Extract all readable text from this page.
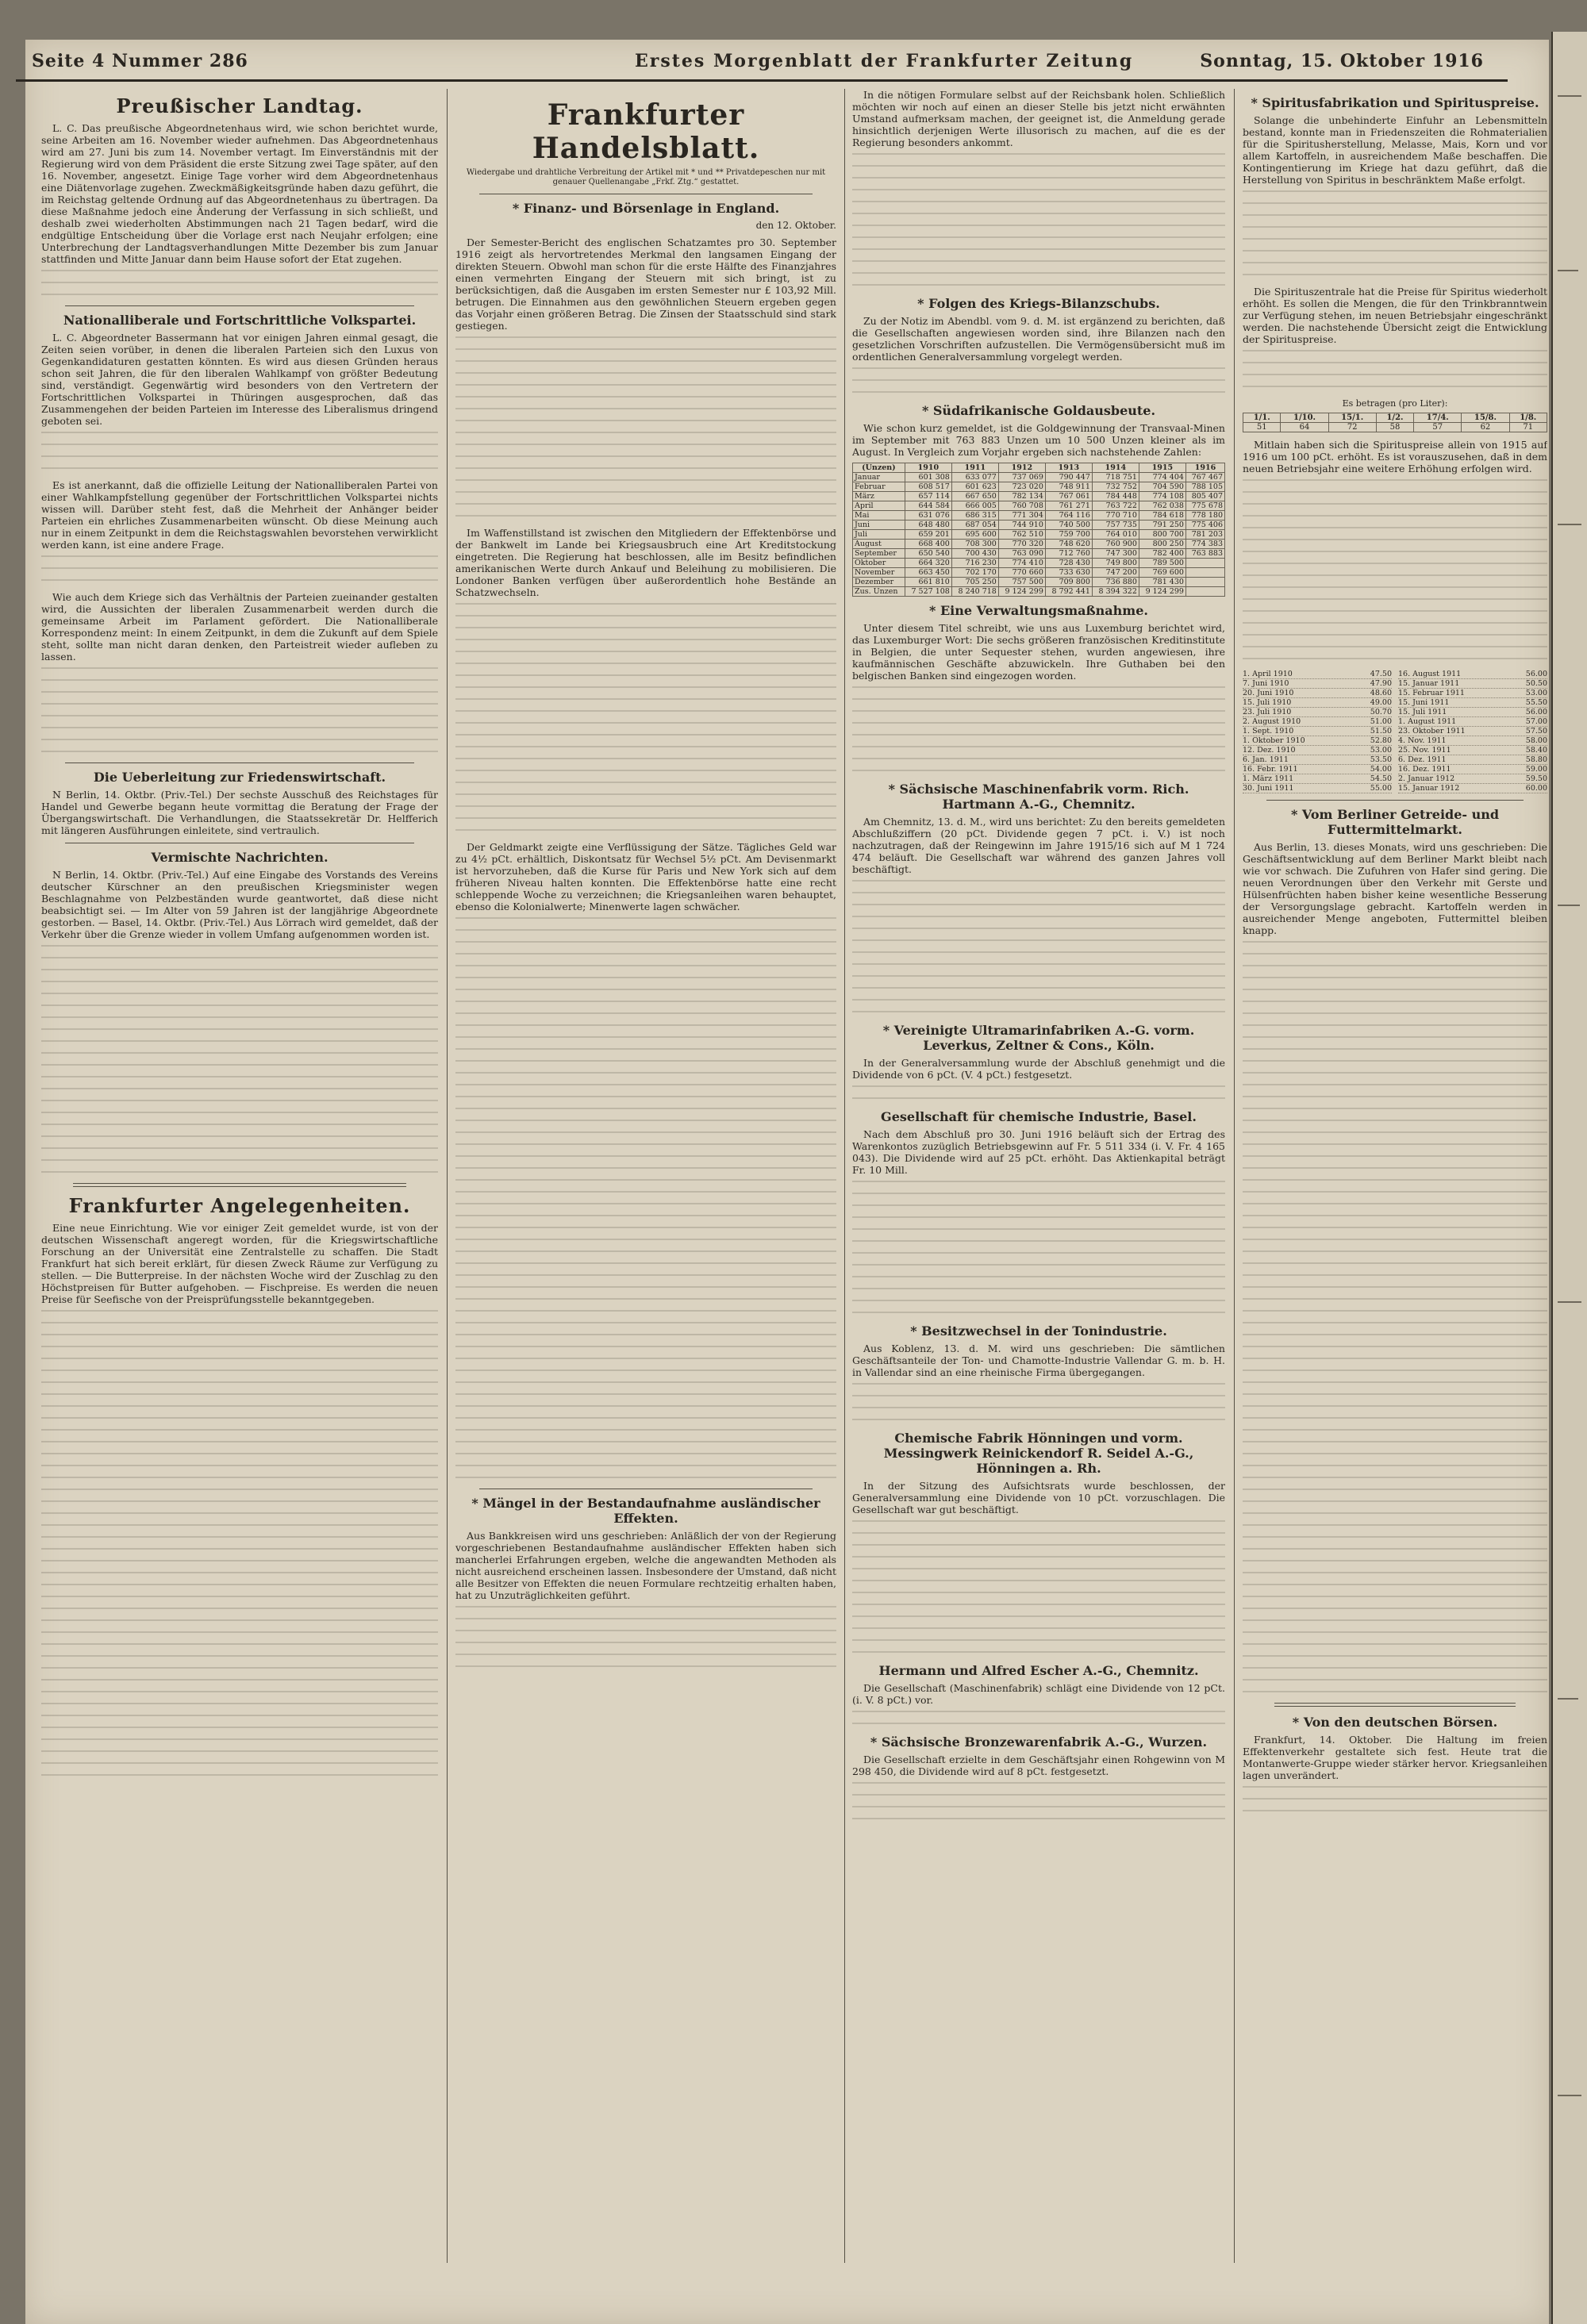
Seite 4 Nummer 286	Erstes Morgenblatt der Frankfurter Zeitung	Sonntag, 15. Oktober 1916
Preußischer Landtag.

L. C. Das preußische Abgeordnetenhaus wird, wie schon berichtet wurde, seine Arbeiten am 16. November wieder aufnehmen. Das Abgeordnetenhaus wird am 27. Juni bis zum 14. November vertagt. Im Einverständnis mit der Regierung wird von dem Präsident die erste Sitzung zwei Tage später, auf den 16. November, angesetzt. Einige Tage vorher wird dem Abgeordnetenhaus eine Diätenvorlage zugehen. Zweckmäßigkeitsgründe haben dazu geführt, die im Reichstag geltende Ordnung auf das Abgeordnetenhaus zu übertragen. Da diese Maßnahme jedoch eine Änderung der Verfassung in sich schließt, und deshalb zwei wiederholten Abstimmungen nach 21 Tagen bedarf, wird die endgültige Entscheidung über die Vorlage erst nach Neujahr erfolgen; eine Unterbrechung der Landtagsverhandlungen Mitte Dezember bis zum Januar stattfinden und Mitte Januar dann beim Hause sofort der Etat zugehen.

Nationalliberale und Fortschrittliche Volkspartei.

L. C. Abgeordneter Bassermann hat vor einigen Jahren einmal gesagt, die Zeiten seien vorüber, in denen die liberalen Parteien sich den Luxus von Gegenkandidaturen gestatten könnten. Es wird aus diesen Gründen heraus schon seit Jahren, die für den liberalen Wahlkampf von größter Bedeutung sind, verständigt. Gegenwärtig wird besonders von den Vertretern der Fortschrittlichen Volkspartei in Thüringen ausgesprochen, daß das Zusammengehen der beiden Parteien im Interesse des Liberalismus dringend geboten sei.

Es ist anerkannt, daß die offizielle Leitung der Nationalliberalen Partei von einer Wahlkampfstellung gegenüber der Fortschrittlichen Volkspartei nichts wissen will. Darüber steht fest, daß die Mehrheit der Anhänger beider Parteien ein ehrliches Zusammenarbeiten wünscht. Ob diese Meinung auch nur in einem Zeitpunkt in dem die Reichstagswahlen bevorstehen verwirklicht werden kann, ist eine andere Frage.

Wie auch dem Kriege sich das Verhältnis der Parteien zueinander gestalten wird, die Aussichten der liberalen Zusammenarbeit werden durch die gemeinsame Arbeit im Parlament gefördert. Die Nationalliberale Korrespondenz meint: In einem Zeitpunkt, in dem die Zukunft auf dem Spiele steht, sollte man nicht daran denken, den Parteistreit wieder aufleben zu lassen.

Die Ueberleitung zur Friedenswirtschaft.

N Berlin, 14. Oktbr. (Priv.-Tel.) Der sechste Ausschuß des Reichstages für Handel und Gewerbe begann heute vormittag die Beratung der Frage der Übergangswirtschaft. Die Verhandlungen, die Staatssekretär Dr. Helfferich mit längeren Ausführungen einleitete, sind vertraulich.

Vermischte Nachrichten.

N Berlin, 14. Oktbr. (Priv.-Tel.) Auf eine Eingabe des Vorstands des Vereins deutscher Kürschner an den preußischen Kriegsminister wegen Beschlagnahme von Pelzbeständen wurde geantwortet, daß diese nicht beabsichtigt sei. — Im Alter von 59 Jahren ist der langjährige Abgeordnete gestorben. — Basel, 14. Oktbr. (Priv.-Tel.) Aus Lörrach wird gemeldet, daß der Verkehr über die Grenze wieder in vollem Umfang aufgenommen worden ist.

Frankfurter Angelegenheiten.

Eine neue Einrichtung. Wie vor einiger Zeit gemeldet wurde, ist von der deutschen Wissenschaft angeregt worden, für die Kriegswirtschaftliche Forschung an der Universität eine Zentralstelle zu schaffen. Die Stadt Frankfurt hat sich bereit erklärt, für diesen Zweck Räume zur Verfügung zu stellen. — Die Butterpreise. In der nächsten Woche wird der Zuschlag zu den Höchstpreisen für Butter aufgehoben. — Fischpreise. Es werden die neuen Preise für Seefische von der Preisprüfungsstelle bekanntgegeben.

Frankfurter Handelsblatt.
Wiedergabe und drahtliche Verbreitung der Artikel mit * und ** Privatdepeschen nur mit genauer Quellenangabe „Frkf. Ztg.“ gestattet.
* Finanz- und Börsenlage in England.
den 12. Oktober.

Der Semester-Bericht des englischen Schatzamtes pro 30. September 1916 zeigt als hervortretendes Merkmal den langsamen Eingang der direkten Steuern. Obwohl man schon für die erste Hälfte des Finanzjahres einen vermehrten Eingang der Steuern mit sich bringt, ist zu berücksichtigen, daß die Ausgaben im ersten Semester nur £ 103,92 Mill. betrugen. Die Einnahmen aus den gewöhnlichen Steuern ergeben gegen das Vorjahr einen größeren Betrag. Die Zinsen der Staatsschuld sind stark gestiegen.

Im Waffenstillstand ist zwischen den Mitgliedern der Effektenbörse und der Bankwelt im Lande bei Kriegsausbruch eine Art Kreditstockung eingetreten. Die Regierung hat beschlossen, alle im Besitz befindlichen amerikanischen Werte durch Ankauf und Beleihung zu mobilisieren. Die Londoner Banken verfügen über außerordentlich hohe Bestände an Schatzwechseln.

Der Geldmarkt zeigte eine Verflüssigung der Sätze. Tägliches Geld war zu 4½ pCt. erhältlich, Diskontsatz für Wechsel 5½ pCt. Am Devisenmarkt ist hervorzuheben, daß die Kurse für Paris und New York sich auf dem früheren Niveau halten konnten. Die Effektenbörse hatte eine recht schleppende Woche zu verzeichnen; die Kriegsanleihen waren behauptet, ebenso die Kolonialwerte; Minenwerte lagen schwächer.

* Mängel in der Bestandaufnahme ausländischer Effekten.

Aus Bankkreisen wird uns geschrieben: Anläßlich der von der Regierung vorgeschriebenen Bestandaufnahme ausländischer Effekten haben sich mancherlei Erfahrungen ergeben, welche die angewandten Methoden als nicht ausreichend erscheinen lassen. Insbesondere der Umstand, daß nicht alle Besitzer von Effekten die neuen Formulare rechtzeitig erhalten haben, hat zu Unzuträglichkeiten geführt.

In die nötigen Formulare selbst auf der Reichsbank holen. Schließlich möchten wir noch auf einen an dieser Stelle bis jetzt nicht erwähnten Umstand aufmerksam machen, der geeignet ist, die Anmeldung gerade hinsichtlich derjenigen Werte illusorisch zu machen, auf die es der Regierung besonders ankommt.

* Folgen des Kriegs-Bilanzschubs.

Zu der Notiz im Abendbl. vom 9. d. M. ist ergänzend zu berichten, daß die Gesellschaften angewiesen worden sind, ihre Bilanzen nach den gesetzlichen Vorschriften aufzustellen. Die Vermögensübersicht muß im ordentlichen Generalversammlung vorgelegt werden.

* Südafrikanische Goldausbeute.

Wie schon kurz gemeldet, ist die Goldgewinnung der Transvaal-Minen im September mit 763 883 Unzen um 10 500 Unzen kleiner als im August. In Vergleich zum Vorjahr ergeben sich nachstehende Zahlen:

(Unzen)	1910	1911	1912	1913	1914	1915	1916
Januar	601 308	633 077	737 069	790 447	718 751	774 404	767 467
Februar	608 517	601 623	723 020	748 911	732 752	704 590	788 105
März	657 114	667 650	782 134	767 061	784 448	774 108	805 407
April	644 584	666 005	760 708	761 271	763 722	762 038	775 678
Mai	631 076	686 315	771 304	764 116	770 710	784 618	778 180
Juni	648 480	687 054	744 910	740 500	757 735	791 250	775 406
Juli	659 201	695 600	762 510	759 700	764 010	800 700	781 203
August	668 400	708 300	770 320	748 620	760 900	800 250	774 383
September	650 540	700 430	763 090	712 760	747 300	782 400	763 883
Oktober	664 320	716 230	774 410	728 430	749 800	789 500	
November	663 450	702 170	770 660	733 630	747 200	769 600	
Dezember	661 810	705 250	757 500	709 800	736 880	781 430	
Zus. Unzen	7 527 108	8 240 718	9 124 299	8 792 441	8 394 322	9 124 299	
* Eine Verwaltungsmaßnahme.

Unter diesem Titel schreibt, wie uns aus Luxemburg berichtet wird, das Luxemburger Wort: Die sechs größeren französischen Kreditinstitute in Belgien, die unter Sequester stehen, wurden angewiesen, ihre kaufmännischen Geschäfte abzuwickeln. Ihre Guthaben bei den belgischen Banken sind eingezogen worden.

* Sächsische Maschinenfabrik vorm. Rich. Hartmann A.-G., Chemnitz.

Am Chemnitz, 13. d. M., wird uns berichtet: Zu den bereits gemeldeten Abschlußziffern (20 pCt. Dividende gegen 7 pCt. i. V.) ist noch nachzutragen, daß der Reingewinn im Jahre 1915/16 sich auf M 1 724 474 beläuft. Die Gesellschaft war während des ganzen Jahres voll beschäftigt.

* Vereinigte Ultramarinfabriken A.-G. vorm. Leverkus, Zeltner & Cons., Köln.

In der Generalversammlung wurde der Abschluß genehmigt und die Dividende von 6 pCt. (V. 4 pCt.) festgesetzt.

Gesellschaft für chemische Industrie, Basel.

Nach dem Abschluß pro 30. Juni 1916 beläuft sich der Ertrag des Warenkontos zuzüglich Betriebsgewinn auf Fr. 5 511 334 (i. V. Fr. 4 165 043). Die Dividende wird auf 25 pCt. erhöht. Das Aktienkapital beträgt Fr. 10 Mill.

* Besitzwechsel in der Tonindustrie.

Aus Koblenz, 13. d. M. wird uns geschrieben: Die sämtlichen Geschäftsanteile der Ton- und Chamotte-Industrie Vallendar G. m. b. H. in Vallendar sind an eine rheinische Firma übergegangen.

Chemische Fabrik Hönningen und vorm. Messingwerk Reinickendorf R. Seidel A.-G., Hönningen a. Rh.

In der Sitzung des Aufsichtsrats wurde beschlossen, der Generalversammlung eine Dividende von 10 pCt. vorzuschlagen. Die Gesellschaft war gut beschäftigt.

Hermann und Alfred Escher A.-G., Chemnitz.

Die Gesellschaft (Maschinenfabrik) schlägt eine Dividende von 12 pCt. (i. V. 8 pCt.) vor.

* Sächsische Bronzewarenfabrik A.-G., Wurzen.

Die Gesellschaft erzielte in dem Geschäftsjahr einen Rohgewinn von M 298 450, die Dividende wird auf 8 pCt. festgesetzt.

* Spiritusfabrikation und Spirituspreise.

Solange die unbehinderte Einfuhr an Lebensmitteln bestand, konnte man in Friedenszeiten die Rohmaterialien für die Spiritusherstellung, Melasse, Mais, Korn und vor allem Kartoffeln, in ausreichendem Maße beschaffen. Die Kontingentierung im Kriege hat dazu geführt, daß die Herstellung von Spiritus in beschränktem Maße erfolgt.

Die Spirituszentrale hat die Preise für Spiritus wiederholt erhöht. Es sollen die Mengen, die für den Trinkbranntwein zur Verfügung stehen, im neuen Betriebsjahr eingeschränkt werden. Die nachstehende Übersicht zeigt die Entwicklung der Spirituspreise.

Es betragen (pro Liter):
1/1.	1/10.	15/1.	1/2.	17/4.	15/8.	1/8.
51	64	72	58	57	62	71

Mitlain haben sich die Spirituspreise allein von 1915 auf 1916 um 100 pCt. erhöht. Es ist vorauszusehen, daß in dem neuen Betriebsjahr eine weitere Erhöhung erfolgen wird.

1. April 1910	47.50 16. August 1911	56.00
7. Juni 1910	47.90 15. Januar 1911	50.50
20. Juni 1910	48.60 15. Februar 1911	53.00
15. Juli 1910	49.00 15. Juni 1911	55.50
23. Juli 1910	50.70 15. Juli 1911	56.00
2. August 1910	51.00 1. August 1911	57.00
1. Sept. 1910	51.50 23. Oktober 1911	57.50
1. Oktober 1910	52.80 4. Nov. 1911	58.00
12. Dez. 1910	53.00 25. Nov. 1911	58.40
6. Jan. 1911	53.50 6. Dez. 1911	58.80
16. Febr. 1911	54.00 16. Dez. 1911	59.00
1. März 1911	54.50 2. Januar 1912	59.50
30. Juni 1911	55.00 15. Januar 1912	60.00
* Vom Berliner Getreide- und Futtermittelmarkt.

Aus Berlin, 13. dieses Monats, wird uns geschrieben: Die Geschäftsentwicklung auf dem Berliner Markt bleibt nach wie vor schwach. Die Zufuhren von Hafer sind gering. Die neuen Verordnungen über den Verkehr mit Gerste und Hülsenfrüchten haben bisher keine wesentliche Besserung der Versorgungslage gebracht. Kartoffeln werden in ausreichender Menge angeboten, Futtermittel bleiben knapp.

* Von den deutschen Börsen.

Frankfurt, 14. Oktober. Die Haltung im freien Effektenverkehr gestaltete sich fest. Heute trat die Montanwerte-Gruppe wieder stärker hervor. Kriegsanleihen lagen unverändert.
